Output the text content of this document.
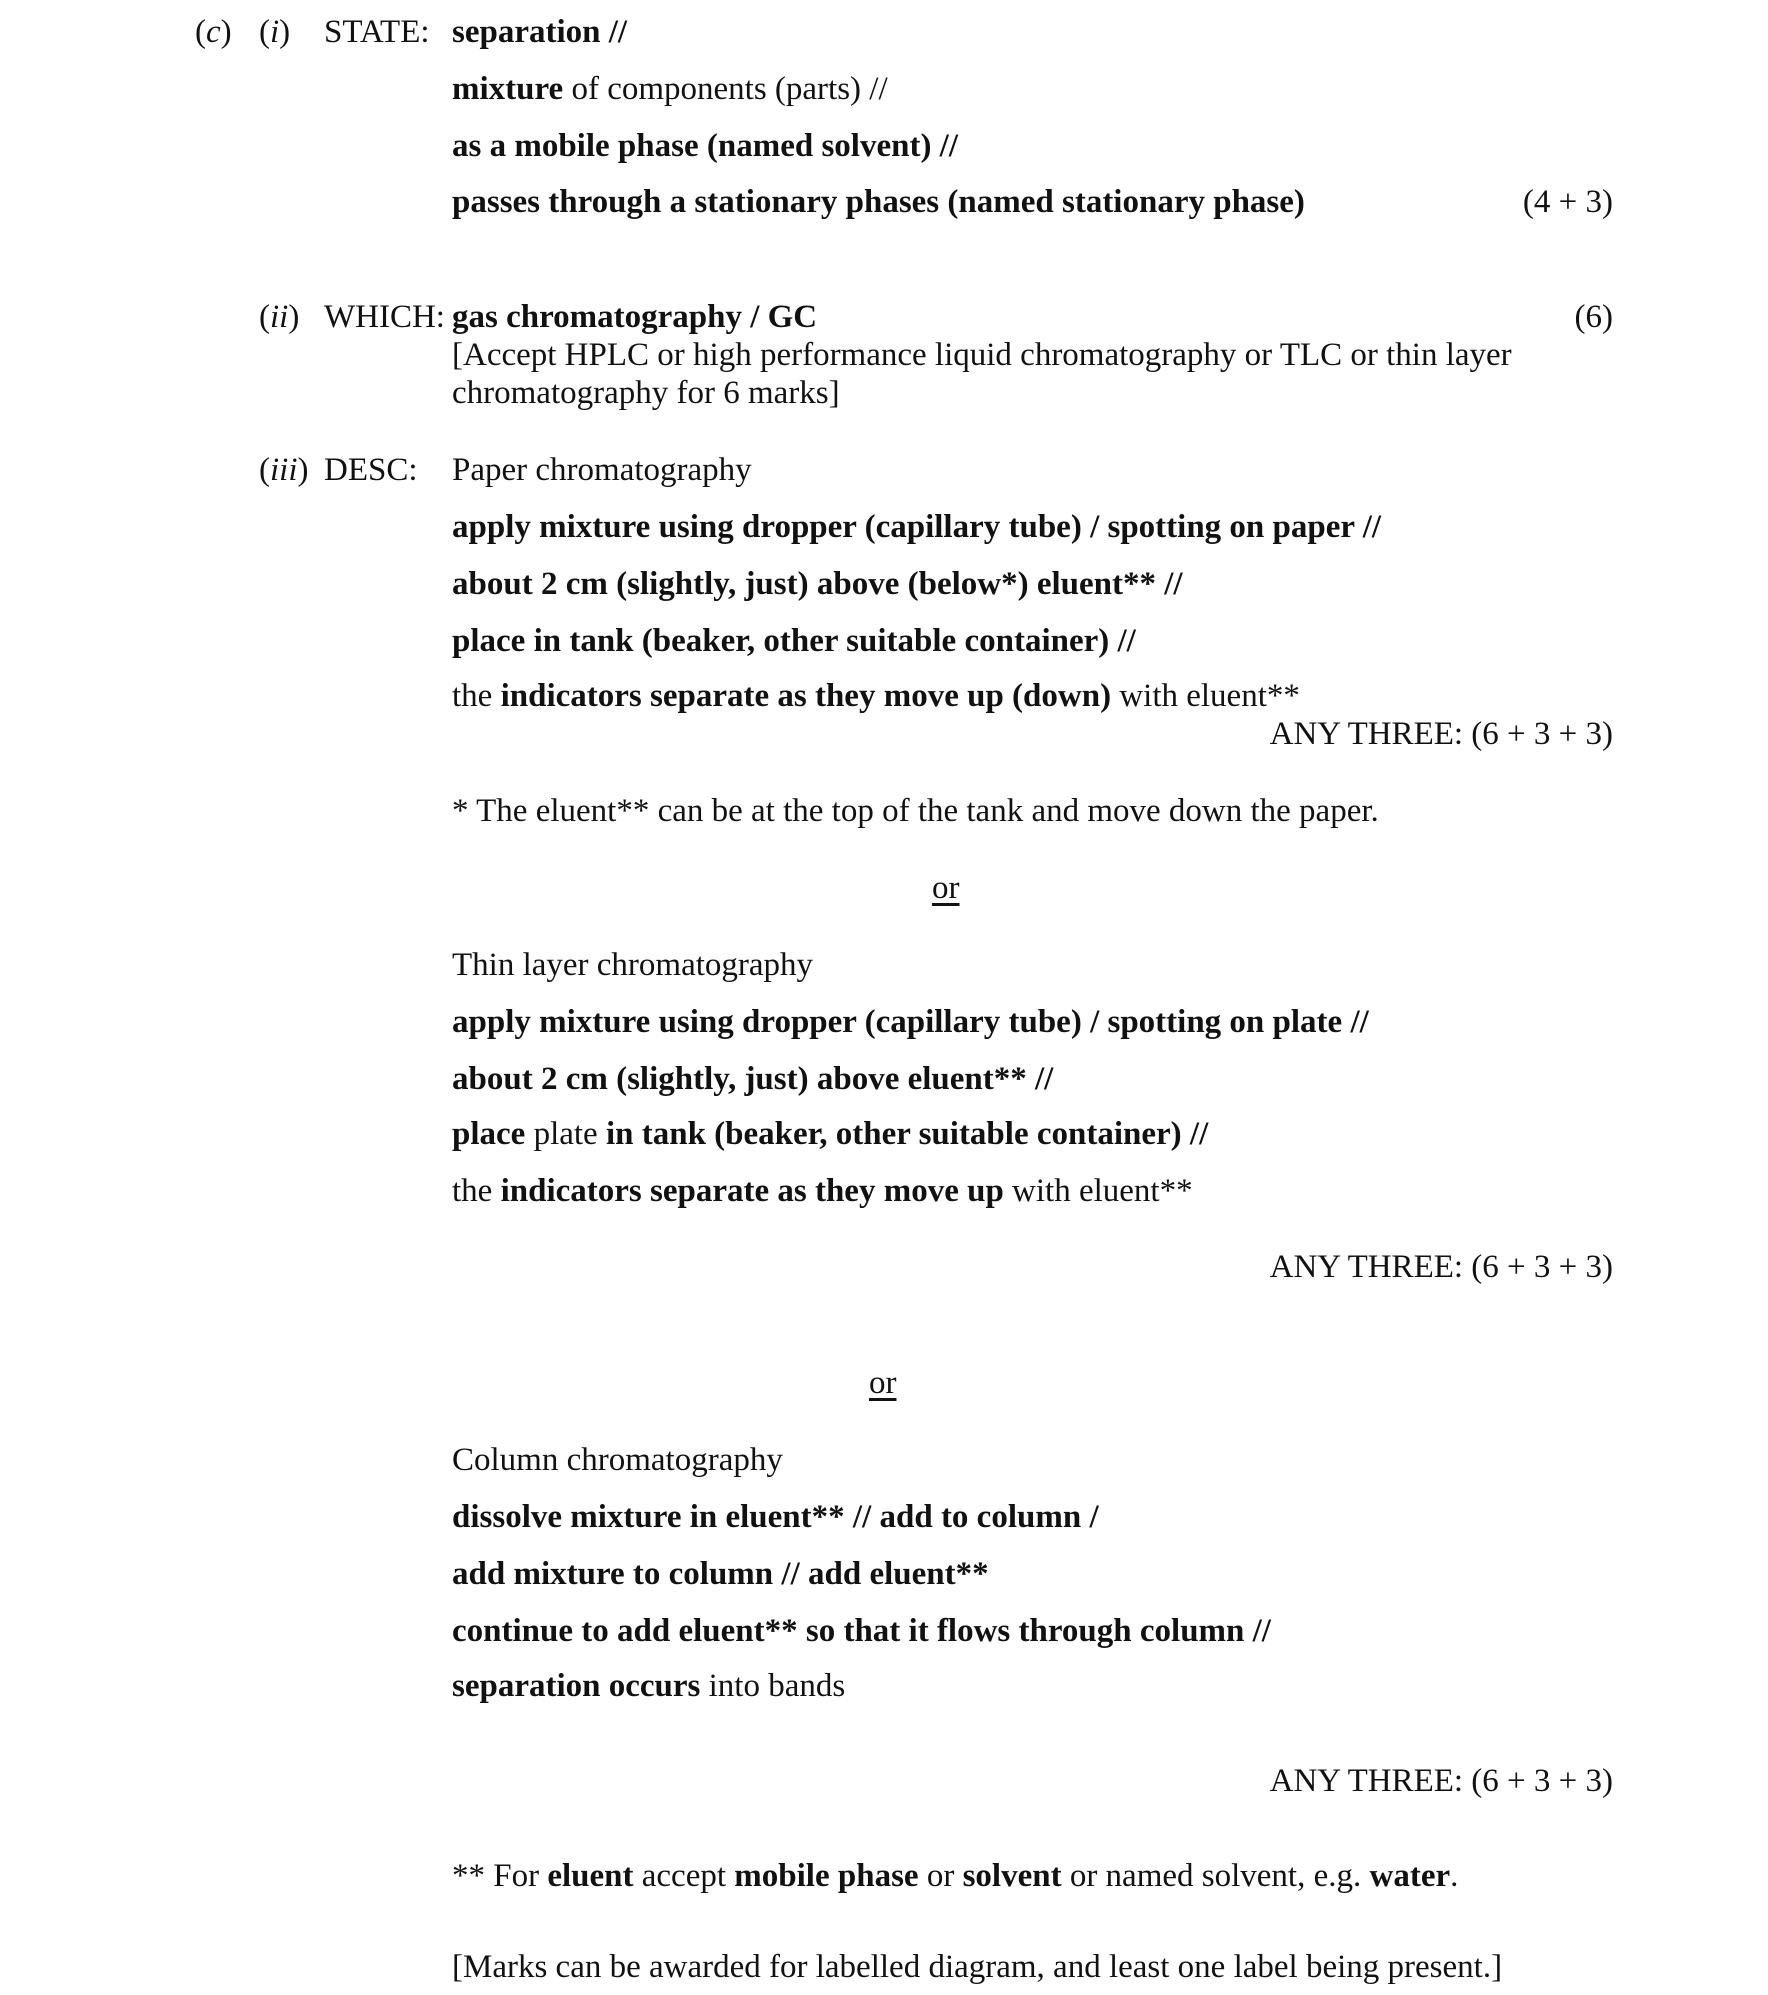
(c) (i) STATE: separation //
mixture of components (parts) //
as a mobile phase (named solvent) //
passes through a stationary phases (named stationary phase)	(4 + 3)
(ii) WHICH: gas chromatography / GC	(6)
[Accept HPLC or high performance liquid chromatography or TLC or thin layer
chromatography for 6 marks]
(iii) DESC: Paper chromatography
apply mixture using dropper (capillary tube) / spotting on paper //
about 2 cm (slightly, just) above (below*) eluent** //
place in tank (beaker, other suitable container) //
the indicators separate as they move up (down) with eluent**
ANY THREE: (6 + 3 + 3)
* The eluent** can be at the top of the tank and move down the paper.
or
Thin layer chromatography
apply mixture using dropper (capillary tube) / spotting on plate //
about 2 cm (slightly, just) above eluent** //
place plate in tank (beaker, other suitable container) //
the indicators separate as they move up with eluent**
ANY THREE: (6 + 3 + 3)
or
Column chromatography
dissolve mixture in eluent** // add to column /
add mixture to column // add eluent**
continue to add eluent** so that it flows through column //
separation occurs into bands
ANY THREE: (6 + 3 + 3)
** For eluent accept mobile phase or solvent or named solvent, e.g. water.
[Marks can be awarded for labelled diagram, and least one label being present.]
